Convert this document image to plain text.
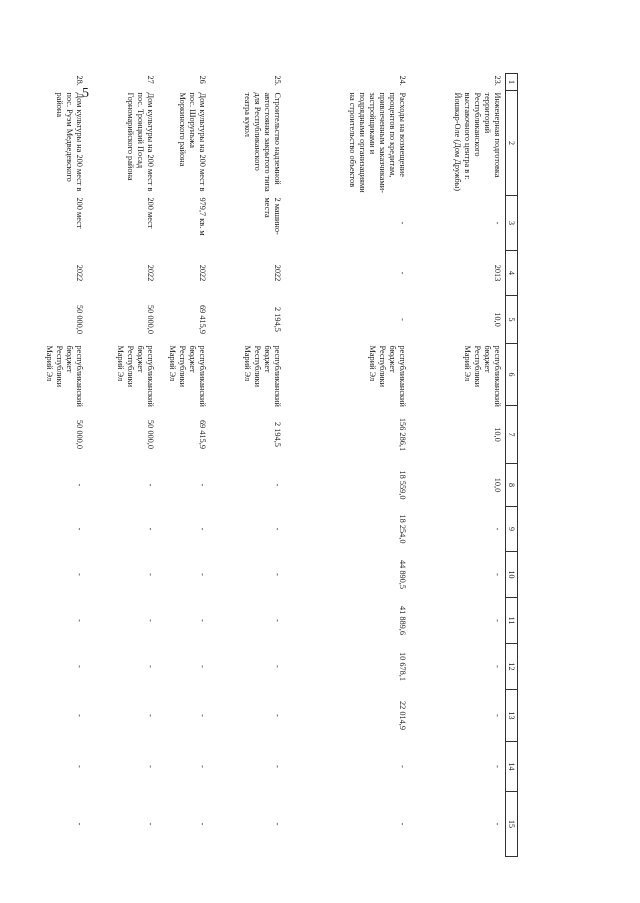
5
1	2	3	4	5	6	7	8	9	10	11	12	13	14	15
23.	Инженерная подготовка территорий Республиканского выставочного центра в г. Йошкар-Оле (Дом Дружбы)	-	2013	10,0	республиканский бюджет Республики Марий Эл	10,0	10,0	-	-	-	-	-	-	-
24.	Расходы на возмещение процентов по кредитам, привлеченным заказчиками-застройщиками и подрядными организациями на строительство объектов	-	-	-	республиканский бюджет Республики Марий Эл	156 286,1	18 559,0	18 254,0	44 890,5	41 889,6	10 678,1	22 014,9	-	-
25.	Строительство надземной автостоянки закрытого типа для Республиканского театра кукол	2 машино-места	2022	2 194,5	республиканский бюджет Республики Марий Эл	2 194,5	-	-	-	-	-	-	-	-
26	Дом культуры на 200 мест в пос. Шорунъжа Моркинского района	979,7 кв. м	2022	69 415,9	республиканский бюджет Республики Марий Эл	69 415,9	-	-	-	-	-	-	-	-
27	Дом культуры на 200 мест в пос. Троицкий Посад Горномарийского района	200 мест	2022	50 000,0	республиканский бюджет Республики Марий Эл	50 000,0	-	-	-	-	-	-	-	-
28.	Дом культуры на 200 мест в пос. Руэм Медведевского района	200 мест	2022	50 000,0	республиканский бюджет Республики Марий Эл	50 000,0	-	-	-	-	-	-	-	-
